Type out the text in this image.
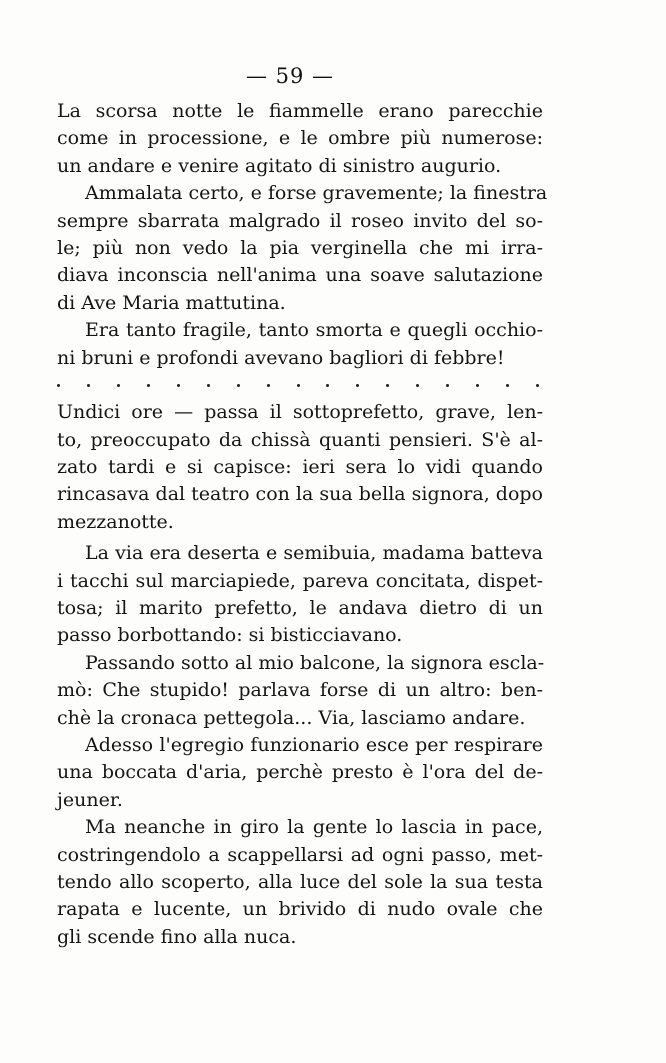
— 59 —
La scorsa notte le fiammelle erano parecchie
come in processione, e le ombre più numerose:
un andare e venire agitato di sinistro augurio.
Ammalata certo, e forse gravemente; la finestra
sempre sbarrata malgrado il roseo invito del so-
le; più non vedo la pia verginella che mi irra-
diava inconscia nell'anima una soave salutazione
di Ave Maria mattutina.
Era tanto fragile, tanto smorta e quegli occhio-
ni bruni e profondi avevano bagliori di febbre!
Undici ore — passa il sottoprefetto, grave, len-
to, preoccupato da chissà quanti pensieri. S'è al-
zato tardi e si capisce: ieri sera lo vidi quando
rincasava dal teatro con la sua bella signora, dopo
mezzanotte.
La via era deserta e semibuia, madama batteva
i tacchi sul marciapiede, pareva concitata, dispet-
tosa; il marito prefetto, le andava dietro di un
passo borbottando: si bisticciavano.
Passando sotto al mio balcone, la signora escla-
mò: Che stupido! parlava forse di un altro: ben-
chè la cronaca pettegola... Via, lasciamo andare.
Adesso l'egregio funzionario esce per respirare
una boccata d'aria, perchè presto è l'ora del de-
jeuner.
Ma neanche in giro la gente lo lascia in pace,
costringendolo a scappellarsi ad ogni passo, met-
tendo allo scoperto, alla luce del sole la sua testa
rapata e lucente, un brivido di nudo ovale che
gli scende fino alla nuca.
